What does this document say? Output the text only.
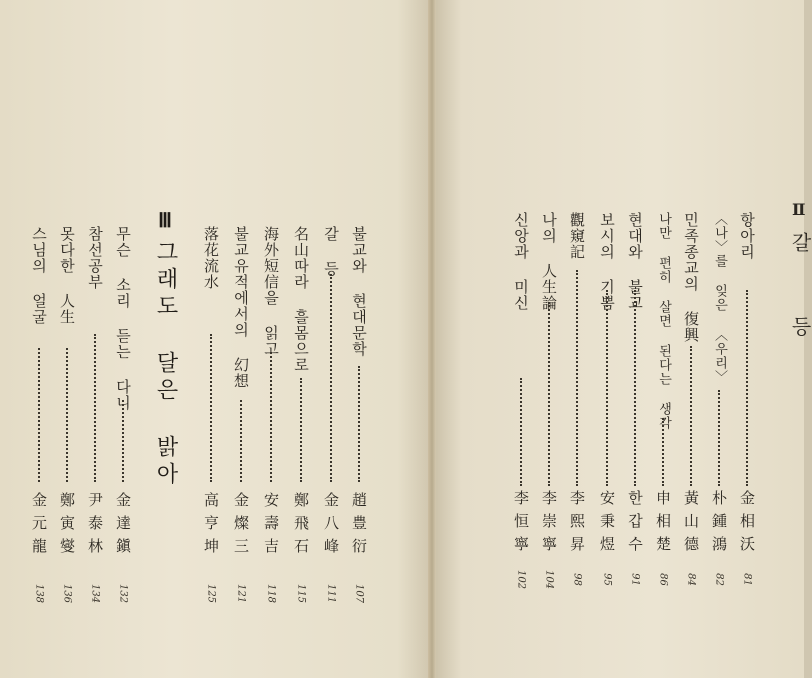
불교와 현대문학
趙豊衍
107
갈 등
金八峰
111
名山따라 흘몸으로
鄭飛石
115
海外短信을 읽고
安壽吉
118
불교유적에서의 幻想
金燦三
121
落花流水
高亨坤
125
Ⅲ
그래도 달은 밝아
무슨 소리 듣는 다니
金達鎭
132
참선공부
尹泰林
134
못다한 人生
鄭寅燮
136
스님의 얼굴
金元龍
138
항아리
金相沃
81
〈나〉를 잊은 〈우리〉
朴鍾鴻
82
민족종교의 復興
黃山德
84
나만 편히 살면 된다는 생각
申相楚
86
현대와 불교
한갑수
91
보시의 기쁨
安秉煜
95
觀窺記
李熙昇
98
나의 人生論
李崇寧
104
신앙과 미신
李恒寧
102
Ⅱ
갈 등
